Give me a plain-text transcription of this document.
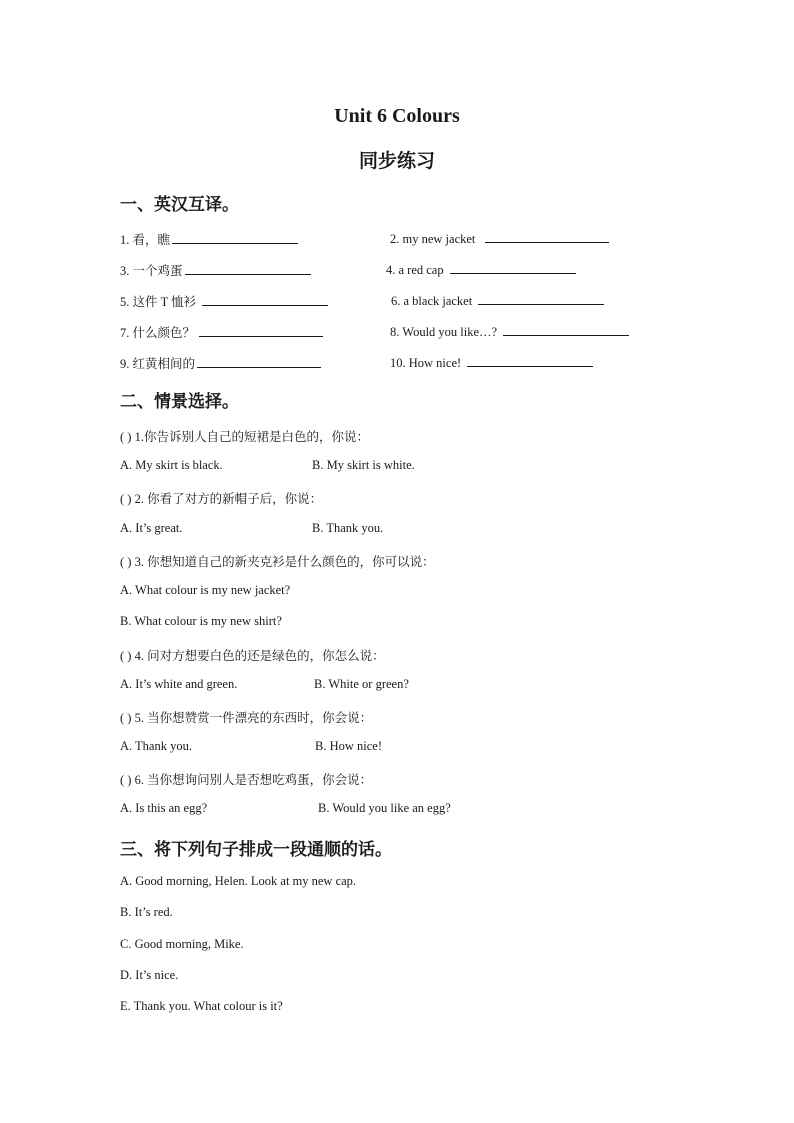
Unit 6 Colours
同步练习
一、英汉互译。
1. 看，瞧	2. my new jacket
3. 一个鸡蛋	4. a red cap
5. 这件 T 恤衫	6. a black jacket
7. 什么颜色？	8. Would you like…?
9. 红黄相间的	10. How nice!
二、情景选择。
( ) 1.你告诉别人自己的短裙是白色的，你说：
A. My skirt is black.	B. My skirt is white.
( ) 2. 你看了对方的新帽子后，你说：
A. It’s great.	B. Thank you.
( ) 3. 你想知道自己的新夹克衫是什么颜色的，你可以说：
A. What colour is my new jacket?
B. What colour is my new shirt?
( ) 4. 问对方想要白色的还是绿色的，你怎么说：
A. It’s white and green.	B. White or green?
( ) 5. 当你想赞赏一件漂亮的东西时，你会说：
A. Thank you.	B. How nice!
( ) 6. 当你想询问别人是否想吃鸡蛋，你会说：
A. Is this an egg?	B. Would you like an egg?
三、将下列句子排成一段通顺的话。
A. Good morning, Helen. Look at my new cap.
B. It’s red.
C. Good morning, Mike.
D. It’s nice.
E. Thank you. What colour is it?
